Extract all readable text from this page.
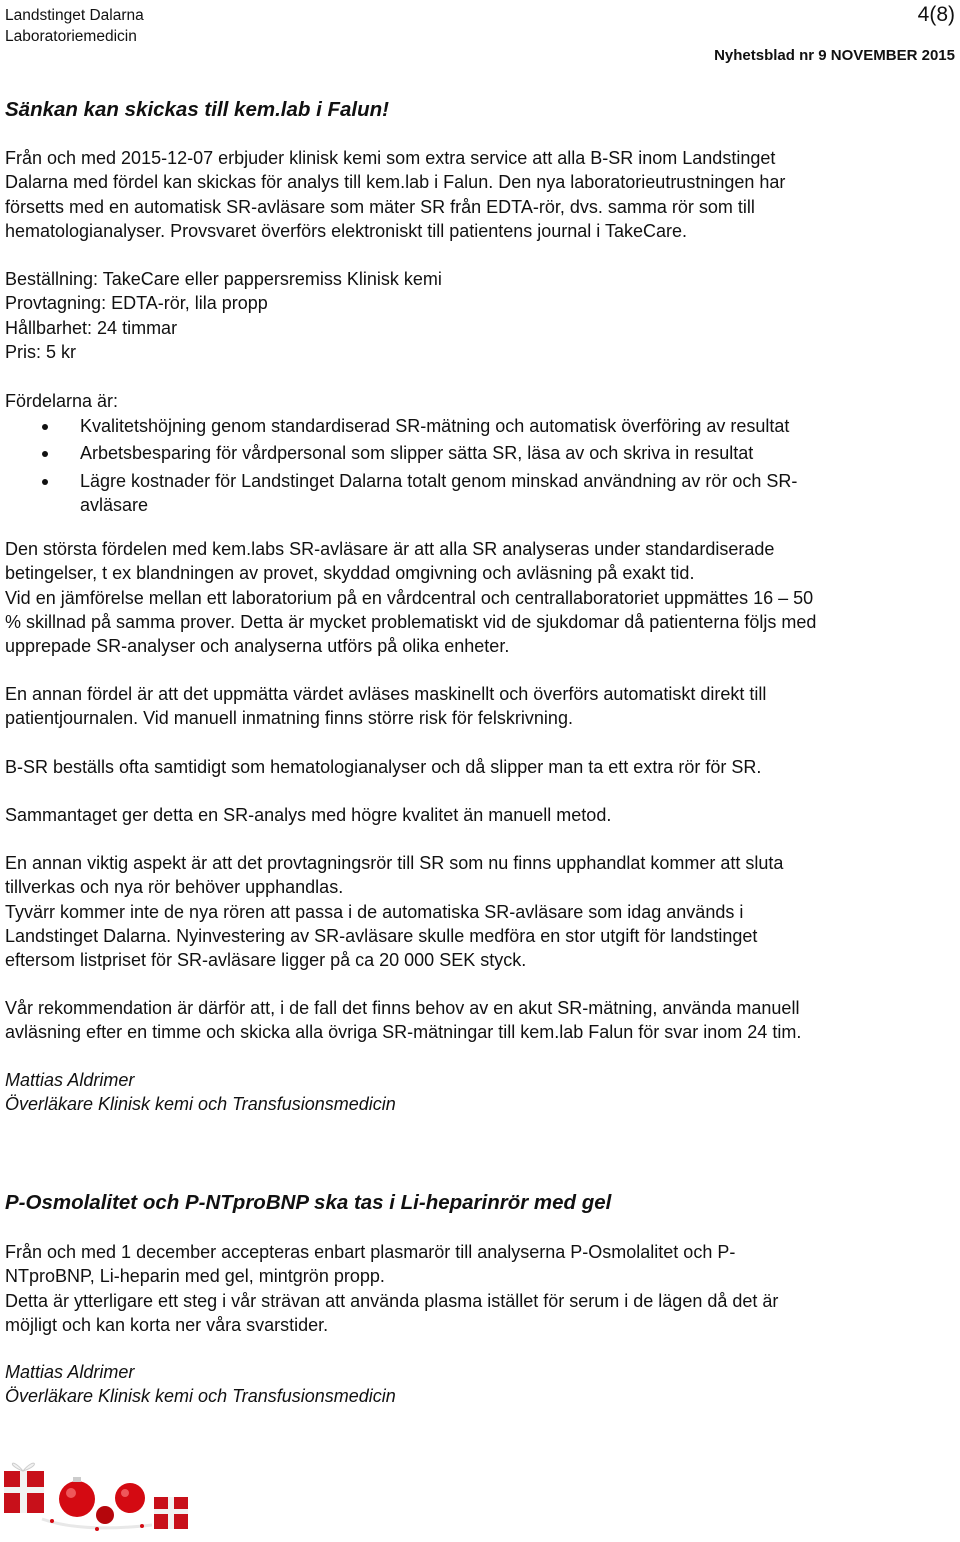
Landstinget Dalarna
Laboratoriemedicin
4(8)
Nyhetsblad nr 9 NOVEMBER 2015
Sänkan kan skickas till kem.lab i Falun!
Från och med 2015-12-07 erbjuder klinisk kemi som extra service att alla B-SR inom Landstinget
Dalarna med fördel kan skickas för analys till kem.lab i Falun. Den nya laboratorieutrustningen har
försetts med en automatisk SR-avläsare som mäter SR från EDTA-rör, dvs. samma rör som till
hematologianalyser. Provsvaret överförs elektroniskt till patientens journal i TakeCare.
Beställning: TakeCare eller pappersremiss Klinisk kemi
Provtagning: EDTA-rör, lila propp
Hållbarhet: 24 timmar
Pris: 5 kr
Fördelarna är:
Kvalitetshöjning genom standardiserad SR-mätning och automatisk överföring av resultat
Arbetsbesparing för vårdpersonal som slipper sätta SR, läsa av och skriva in resultat
Lägre kostnader för Landstinget Dalarna totalt genom minskad användning av rör och SR-
avläsare
Den största fördelen med kem.labs SR-avläsare är att alla SR analyseras under standardiserade
betingelser, t ex blandningen av provet, skyddad omgivning och avläsning på exakt tid.
Vid en jämförelse mellan ett laboratorium på en vårdcentral och centrallaboratoriet uppmättes 16 – 50
% skillnad på samma prover. Detta är mycket problematiskt vid de sjukdomar då patienterna följs med
upprepade SR-analyser och analyserna utförs på olika enheter.
En annan fördel är att det uppmätta värdet avläses maskinellt och överförs automatiskt direkt till
patientjournalen. Vid manuell inmatning finns större risk för felskrivning.
B-SR beställs ofta samtidigt som hematologianalyser och då slipper man ta ett extra rör för SR.
Sammantaget ger detta en SR-analys med högre kvalitet än manuell metod.
En annan viktig aspekt är att det provtagningsrör till SR som nu finns upphandlat kommer att sluta
tillverkas och nya rör behöver upphandlas.
Tyvärr kommer inte de nya rören att passa i de automatiska SR-avläsare som idag används i
Landstinget Dalarna. Nyinvestering av SR-avläsare skulle medföra en stor utgift för landstinget
eftersom listpriset för SR-avläsare ligger på ca 20 000 SEK styck.
Vår rekommendation är därför att, i de fall det finns behov av en akut SR-mätning, använda manuell
avläsning efter en timme och skicka alla övriga SR-mätningar till kem.lab Falun för svar inom 24 tim.
Mattias Aldrimer
Överläkare Klinisk kemi och Transfusionsmedicin
P-Osmolalitet och P-NTproBNP ska tas i Li-heparinrör med gel
Från och med 1 december accepteras enbart plasmarör till analyserna P-Osmolalitet och P-
NTproBNP, Li-heparin med gel, mintgrön propp.
Detta är ytterligare ett steg i vår strävan att använda plasma istället för serum i de lägen då det är
möjligt och kan korta ner våra svarstider.
Mattias Aldrimer
Överläkare Klinisk kemi och Transfusionsmedicin
